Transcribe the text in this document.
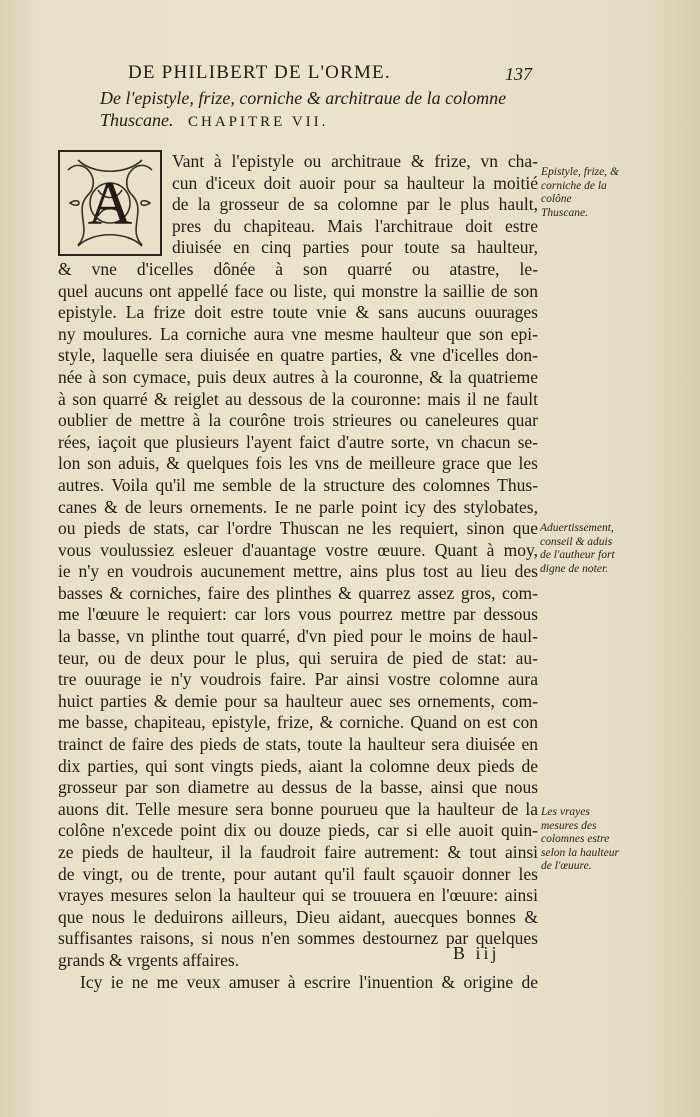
DE PHILIBERT DE L'ORME.	137
De l'epistyle, frize, corniche & architraue de la colomne
Thuscane. CHAPITRE VII.
A
Vant à l'epistyle ou architraue & frize, vn cha-
cun d'iceux doit auoir pour sa haulteur la moitié
de la grosseur de sa colomne par le plus hault,
pres du chapiteau. Mais l'architraue doit estre
diuisée en cinq parties pour toute sa haulteur,
& vne d'icelles dônée à son quarré ou atastre, le-
quel aucuns ont appellé face ou liste, qui monstre la saillie de son
epistyle. La frize doit estre toute vnie & sans aucuns ouurages
ny moulures. La corniche aura vne mesme haulteur que son epi-
style, laquelle sera diuisée en quatre parties, & vne d'icelles don-
née à son cymace, puis deux autres à la couronne, & la quatrieme
à son quarré & reiglet au dessous de la couronne: mais il ne fault
oublier de mettre à la courône trois strieures ou caneleures quar
rées, iaçoit que plusieurs l'ayent faict d'autre sorte, vn chacun se-
lon son aduis, & quelques fois les vns de meilleure grace que les
autres. Voila qu'il me semble de la structure des colomnes Thus-
canes & de leurs ornements. Ie ne parle point icy des stylobates,
ou pieds de stats, car l'ordre Thuscan ne les requiert, sinon que
vous voulussiez esleuer d'auantage vostre œuure. Quant à moy,
ie n'y en voudrois aucunement mettre, ains plus tost au lieu des
basses & corniches, faire des plinthes & quarrez assez gros, com-
me l'œuure le requiert: car lors vous pourrez mettre par dessous
la basse, vn plinthe tout quarré, d'vn pied pour le moins de haul-
teur, ou de deux pour le plus, qui seruira de pied de stat: au-
tre ouurage ie n'y voudrois faire. Par ainsi vostre colomne aura
huict parties & demie pour sa haulteur auec ses ornements, com-
me basse, chapiteau, epistyle, frize, & corniche. Quand on est con
trainct de faire des pieds de stats, toute la haulteur sera diuisée en
dix parties, qui sont vingts pieds, aiant la colomne deux pieds de
grosseur par son diametre au dessus de la basse, ainsi que nous
auons dit. Telle mesure sera bonne pourueu que la haulteur de la
colône n'excede point dix ou douze pieds, car si elle auoit quin-
ze pieds de haulteur, il la faudroit faire autrement: & tout ainsi
de vingt, ou de trente, pour autant qu'il fault sçauoir donner les
vrayes mesures selon la haulteur qui se trouuera en l'œuure: ainsi
que nous le deduirons ailleurs, Dieu aidant, auecques bonnes &
suffisantes raisons, si nous n'en sommes destournez par quelques
grands & vrgents affaires.
Icy ie ne me veux amuser à escrire l'inuention & origine de
Epistyle, frize, & corniche de la colône Thuscane.
Aduertissement, conseil & aduis de l'autheur fort digne de noter.
Les vrayes mesures des colomnes estre selon la haulteur de l'œuure.
B iij
